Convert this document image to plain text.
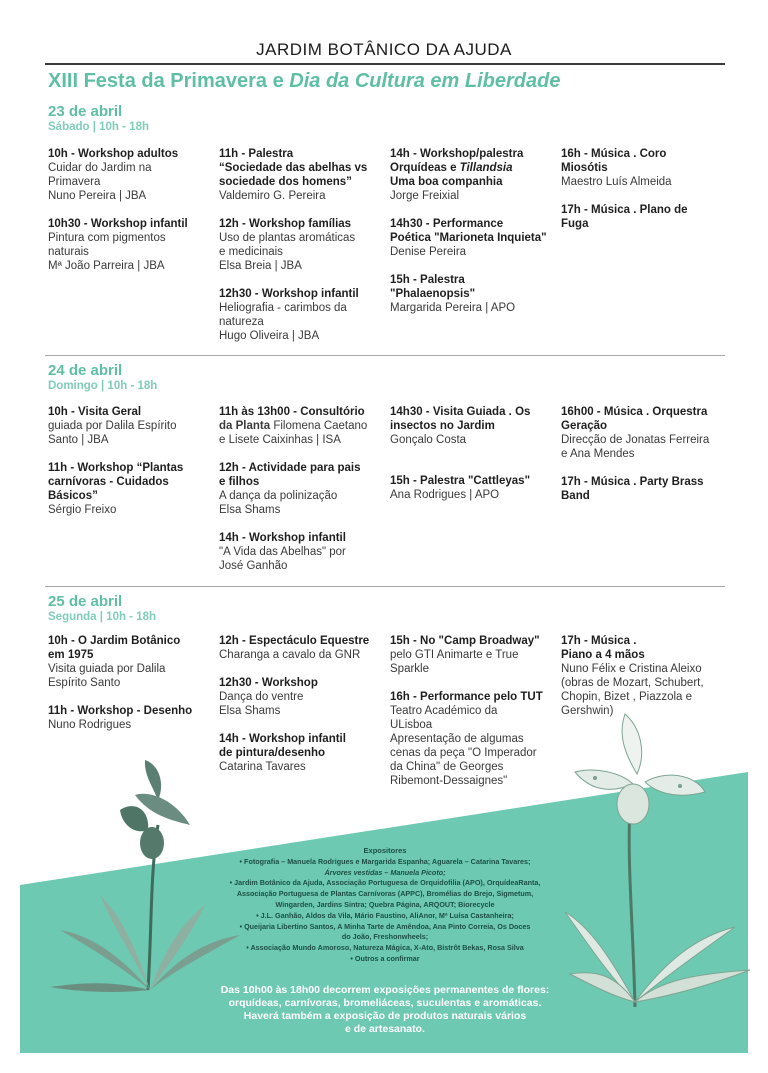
JARDIM BOTÂNICO DA AJUDA
XIII Festa da Primavera e Dia da Cultura em Liberdade
23 de abril
Sábado | 10h - 18h

10h - Workshop adultos
Cuidar do Jardim na
Primavera
Nuno Pereira | JBA

10h30 - Workshop infantil
Pintura com pigmentos
naturais
Mª João Parreira | JBA

11h - Palestra
“Sociedade das abelhas vs
sociedade dos homens”
Valdemiro G. Pereira

12h - Workshop famílias
Uso de plantas aromáticas
e medicinais
Elsa Breia | JBA

12h30 - Workshop infantil
Heliografia - carimbos da
natureza
Hugo Oliveira | JBA

14h - Workshop/palestra
Orquídeas e Tillandsia
Uma boa companhia
Jorge Freixial

14h30 - Performance
Poética "Marioneta Inquieta"
Denise Pereira

15h - Palestra
"Phalaenopsis"
Margarida Pereira | APO

16h - Música . Coro
Miosótis
Maestro Luís Almeida

17h - Música . Plano de
Fuga

24 de abril
Domingo | 10h - 18h

10h - Visita Geral
guiada por Dalila Espírito
Santo | JBA

11h - Workshop “Plantas
carnívoras - Cuidados
Básicos”
Sérgio Freixo

11h às 13h00 - Consultório
da Planta Filomena Caetano
e Lisete Caixinhas | ISA

12h - Actividade para pais
e filhos
A dança da polinização
Elsa Shams

14h - Workshop infantil
"A Vida das Abelhas" por
José Ganhão

14h30 - Visita Guiada . Os
insectos no Jardim
Gonçalo Costa

15h - Palestra "Cattleyas"
Ana Rodrigues | APO

16h00 - Música . Orquestra
Geração
Direcção de Jonatas Ferreira
e Ana Mendes

17h - Música . Party Brass
Band

25 de abril
Segunda | 10h - 18h

10h - O Jardim Botânico
em 1975
Visita guiada por Dalila
Espírito Santo

11h - Workshop - Desenho
Nuno Rodrigues

12h - Espectáculo Equestre
Charanga a cavalo da GNR

12h30 - Workshop
Dança do ventre
Elsa Shams

14h - Workshop infantil
de pintura/desenho
Catarina Tavares

15h - No "Camp Broadway"
pelo GTI Animarte e True
Sparkle

16h - Performance pelo TUT
Teatro Académico da
ULisboa
Apresentação de algumas
cenas da peça "O Imperador
da China" de Georges
Ribemont-Dessaignes"

17h - Música .
Piano a 4 mãos
Nuno Félix e Cristina Aleixo
(obras de Mozart, Schubert,
Chopin, Bizet , Piazzola e
Gershwin)

Expositores
• Fotografia – Manuela Rodrigues e Margarida Espanha; Aguarela – Catarina Tavares;
Árvores vestidas – Manuela Picoto;
• Jardim Botânico da Ajuda, Associação Portuguesa de Orquidofilia (APO), OrquídeaRanta,
Associação Portuguesa de Plantas Carnívoras (APPC), Bromélias do Brejo, Sigmetum,
Wingarden, Jardins Sintra; Quebra Página, ARQOUT; Biorecycle
• J.L. Ganhão, Aldos da Vila, Mário Faustino, AliAnor, Mª Luísa Castanheira;
• Queijaria Libertino Santos, A Minha Tarte de Amêndoa, Ana Pinto Correia, Os Doces
do João, Freshonwheels;
• Associação Mundo Amoroso, Natureza Mágica, X-Ato, Bistrôt Bekas, Rosa Silva
• Outros a confirmar
Das 10h00 às 18h00 decorrem exposições permanentes de flores:
orquídeas, carnívoras, bromeliáceas, suculentas e aromáticas.
Haverá também a exposição de produtos naturais vários
e de artesanato.
